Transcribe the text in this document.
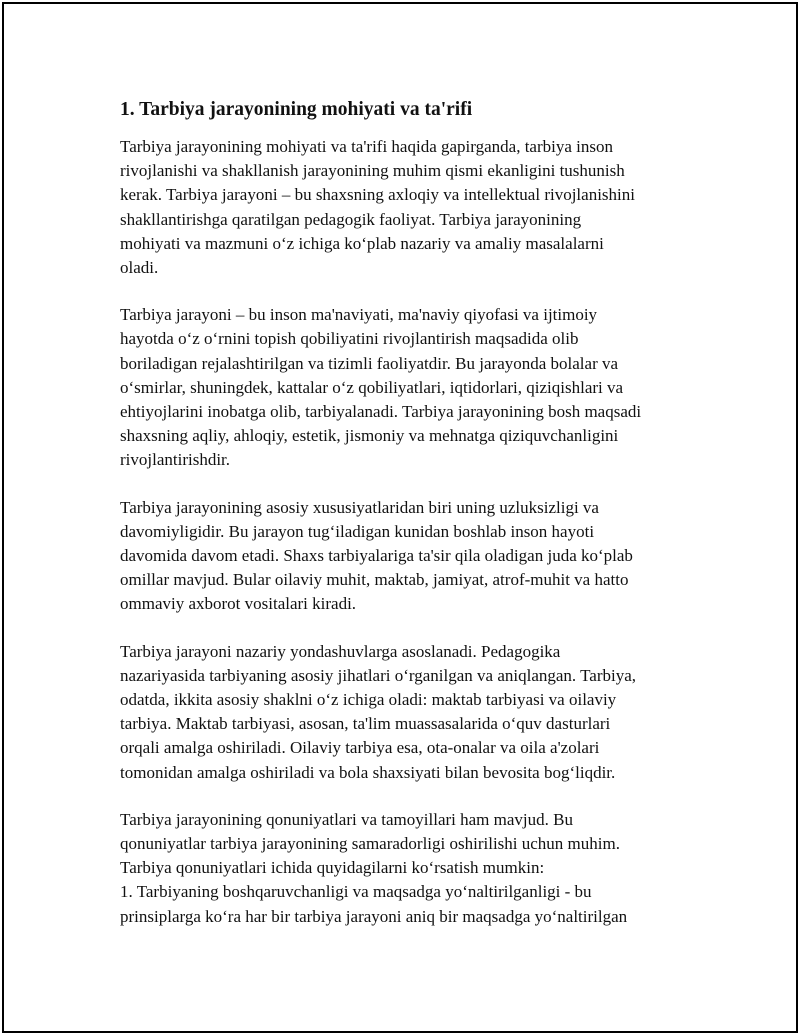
1. Tarbiya jarayonining mohiyati va ta'rifi

Tarbiya jarayonining mohiyati va ta'rifi haqida gapirganda, tarbiya inson
rivojlanishi va shakllanish jarayonining muhim qismi ekanligini tushunish
kerak. Tarbiya jarayoni – bu shaxsning axloqiy va intellektual rivojlanishini
shakllantirishga qaratilgan pedagogik faoliyat. Tarbiya jarayonining
mohiyati va mazmuni o‘z ichiga ko‘plab nazariy va amaliy masalalarni
oladi.

Tarbiya jarayoni – bu inson ma'naviyati, ma'naviy qiyofasi va ijtimoiy
hayotda o‘z o‘rnini topish qobiliyatini rivojlantirish maqsadida olib
boriladigan rejalashtirilgan va tizimli faoliyatdir. Bu jarayonda bolalar va
o‘smirlar, shuningdek, kattalar o‘z qobiliyatlari, iqtidorlari, qiziqishlari va
ehtiyojlarini inobatga olib, tarbiyalanadi. Tarbiya jarayonining bosh maqsadi
shaxsning aqliy, ahloqiy, estetik, jismoniy va mehnatga qiziquvchanligini
rivojlantirishdir.

Tarbiya jarayonining asosiy xususiyatlaridan biri uning uzluksizligi va
davomiyligidir. Bu jarayon tug‘iladigan kunidan boshlab inson hayoti
davomida davom etadi. Shaxs tarbiyalariga ta'sir qila oladigan juda ko‘plab
omillar mavjud. Bular oilaviy muhit, maktab, jamiyat, atrof-muhit va hatto
ommaviy axborot vositalari kiradi.

Tarbiya jarayoni nazariy yondashuvlarga asoslanadi. Pedagogika
nazariyasida tarbiyaning asosiy jihatlari o‘rganilgan va aniqlangan. Tarbiya,
odatda, ikkita asosiy shaklni o‘z ichiga oladi: maktab tarbiyasi va oilaviy
tarbiya. Maktab tarbiyasi, asosan, ta'lim muassasalarida o‘quv dasturlari
orqali amalga oshiriladi. Oilaviy tarbiya esa, ota-onalar va oila a'zolari
tomonidan amalga oshiriladi va bola shaxsiyati bilan bevosita bog‘liqdir.

Tarbiya jarayonining qonuniyatlari va tamoyillari ham mavjud. Bu
qonuniyatlar tarbiya jarayonining samaradorligi oshirilishi uchun muhim.
Tarbiya qonuniyatlari ichida quyidagilarni ko‘rsatish mumkin:
1. Tarbiyaning boshqaruvchanligi va maqsadga yo‘naltirilganligi - bu
prinsiplarga ko‘ra har bir tarbiya jarayoni aniq bir maqsadga yo‘naltirilgan
